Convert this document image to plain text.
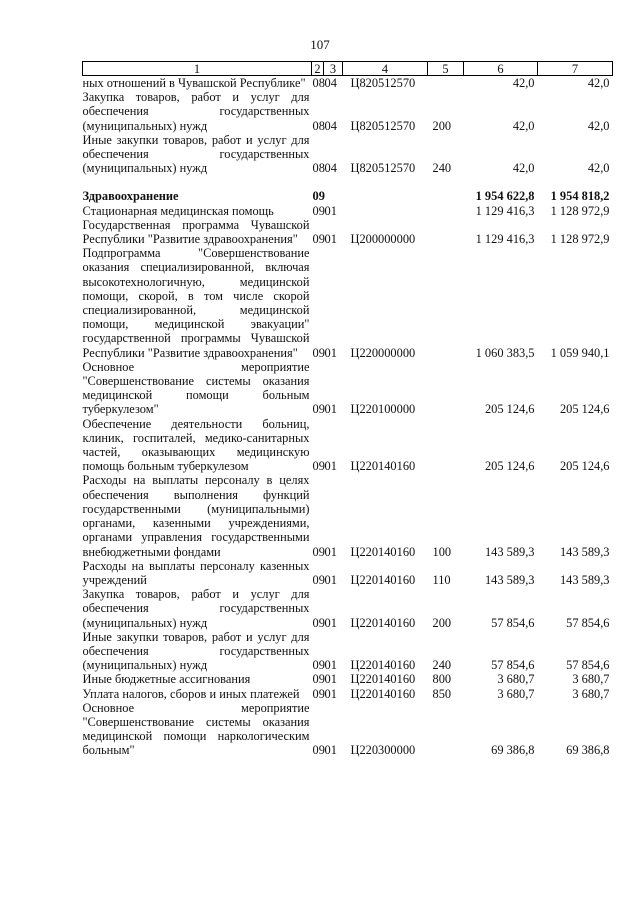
107
1	2	3	4	5	6	7
ных отношений в Чувашской Республике"	08	04	Ц820512570		42,0	42,0
Закупка товаров, работ и услуг для обеспечения государственных (муниципальных) нужд	08	04	Ц820512570	200	42,0	42,0
Иные закупки товаров, работ и услуг для обеспечения государственных (муниципальных) нужд	08	04	Ц820512570	240	42,0	42,0

Здравоохранение	09				1 954 622,8	1 954 818,2
Стационарная медицинская помощь	09	01			1 129 416,3	1 128 972,9
Государственная программа Чувашской Республики "Развитие здравоохранения"	09	01	Ц200000000		1 129 416,3	1 128 972,9
Подпрограмма "Совершенствование оказания специализированной, включая высокотехнологичную, медицинской помощи, скорой, в том числе скорой специализированной, медицинской помощи, медицинской эвакуации" государственной программы Чувашской Республики "Развитие здравоохранения"	09	01	Ц220000000		1 060 383,5	1 059 940,1
Основное мероприятие "Совершенствование системы оказания медицинской помощи больным туберкулезом"	09	01	Ц220100000		205 124,6	205 124,6
Обеспечение деятельности больниц, клиник, госпиталей, медико-санитарных частей, оказывающих медицинскую помощь больным туберкулезом	09	01	Ц220140160		205 124,6	205 124,6
Расходы на выплаты персоналу в целях обеспечения выполнения функций государственными (муниципальными) органами, казенными учреждениями, органами управления государственными внебюджетными фондами	09	01	Ц220140160	100	143 589,3	143 589,3
Расходы на выплаты персоналу казенных учреждений	09	01	Ц220140160	110	143 589,3	143 589,3
Закупка товаров, работ и услуг для обеспечения государственных (муниципальных) нужд	09	01	Ц220140160	200	57 854,6	57 854,6
Иные закупки товаров, работ и услуг для обеспечения государственных (муниципальных) нужд	09	01	Ц220140160	240	57 854,6	57 854,6
Иные бюджетные ассигнования	09	01	Ц220140160	800	3 680,7	3 680,7
Уплата налогов, сборов и иных платежей	09	01	Ц220140160	850	3 680,7	3 680,7
Основное мероприятие "Совершенствование системы оказания медицинской помощи наркологическим больным"	09	01	Ц220300000		69 386,8	69 386,8
